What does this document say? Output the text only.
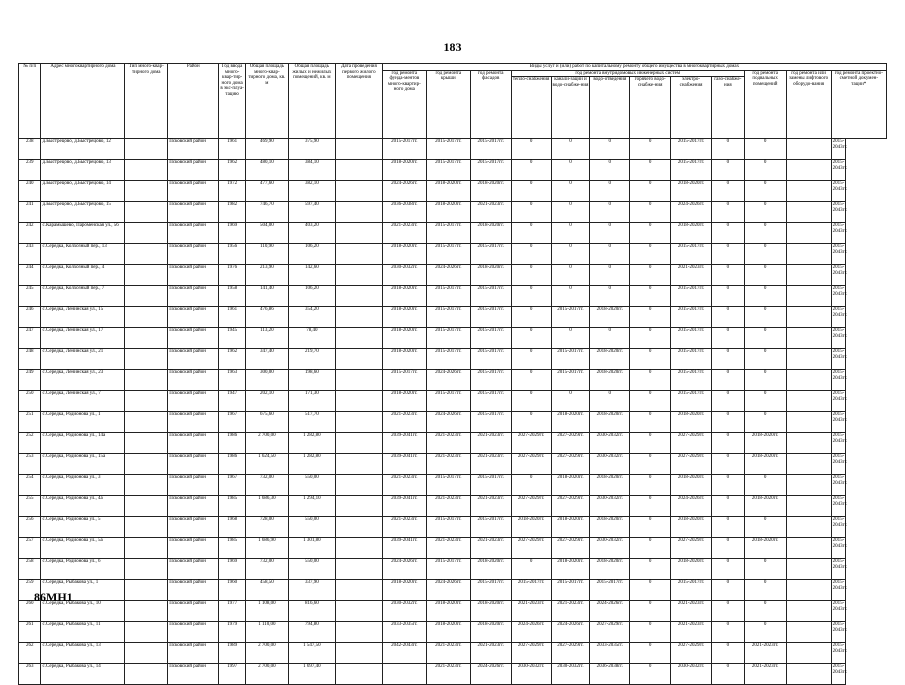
183
№ п/п	Адрес многоквартирного дома	Тип много-квар-тирного дома	Район	Год ввода много-квар-тир-ного дома в экс-плуа-тацию	Общая площадь много-квар-тирного дома, кв. м	Общая площадь жилых и нежилых помещений, кв. м	Дата проведения первого жилого помещения	Виды услуг и (или) работ по капитальному ремонту общего имущества в многоквартирных домах											
								год ремонта фунда-ментов много-квартир-ного дома	год ремонта крыши	год ремонта фасадов	год ремонта внутридомовых инженерных систем						год ремонта подвальных помещений	год ремонта или замены лифтового оборудо-вания	год ремонта проектно-сметной докумен-тации*
											тепло-снабжения	канали-зации и водо-снабже-ния	водо-отведения	горячего водо-снабже-ния	электро-снабжения	газо-снабже-ния			
238	д.Быстрецово, д.Быстрецово, 12		Псковский район	1961	469,90	375,90		2015-2017гг.	2015-2017гг.	2015-2017гг.	0	0	0	0	2015-2017гг.	0	0		2015-2043гг.
239	д.Быстрецово, д.Быстрецово, 13		Псковский район	1962	480,10	384,10		2018-2020гг.	2015-2017гг.	2015-2017гг.	0	0	0	0	2015-2017гг.	0	0		2015-2043гг.
240	д.Быстрецово, д.Быстрецово, 14		Псковский район	1972	477,60	382,10		2024-2026гг.	2018-2020гг.	2018-2020гг.	0	0	0	0	2018-2020гг.	0	0		2015-2043гг.
241	д.Быстрецово, д.Быстрецово, 15		Псковский район	1982	746,70	597,40		2036-2038гг.	2018-2020гг.	2021-2023гг.	0	0	0	0	2024-2026гг.	0	0		2015-2043гг.
242	с.Карамышево, Пароменская ул., 56		Псковский район	1969	504,00	403,20		2021-2023гг.	2015-2017гг.	2018-2020гг.	0	0	0	0	2018-2020гг.	0	0		2015-2043гг.
243	с.Середка, Колхозный пер., 13		Псковский район	1956	110,90	106,20		2018-2020гг.	2015-2017гг.	2015-2017гг.	0	0	0	0	2015-2017гг.	0	0		2015-2043гг.
244	с.Середка, Колхозный пер., 4		Псковский район	1976	213,90	142,60		2030-2032гг.	2024-2026гг.	2018-2020гг.	0	0	0	0	2021-2023гг.	0	0		2015-2043гг.
245	с.Середка, Колхозный пер., 7		Псковский район	1958	141,40	106,20		2018-2020гг.	2015-2017гг.	2015-2017гг.	0	0	0	0	2015-2017гг.	0	0		2015-2043гг.
246	с.Середка, Ленинская ул., 15		Псковский район	1961	476,86	354,20		2018-2020гг.	2015-2017гг.	2015-2017гг.	0	2015-2017гг.	2018-2020гг.	0	2015-2017гг.	0	0		2015-2043гг.
247	с.Середка, Ленинская ул., 17		Псковский район	1945	113,20	78,40		2018-2020гг.	2015-2017гг.	2015-2017гг.	0	0	0	0	2015-2017гг.	0	0		2015-2043гг.
248	с.Середка, Ленинская ул., 21		Псковский район	1962	347,40	219,70		2018-2020гг.	2015-2017гг.	2015-2017гг.	0	2015-2017гг.	2018-2020гг.	0	2015-2017гг.	0	0		2015-2043гг.
249	с.Середка, Ленинская ул., 23		Псковский район	1963	300,00	198,60		2015-2017гг.	2024-2026гг.	2015-2017гг.	0	2015-2017гг.	2018-2020гг.	0	2015-2017гг.	0	0		2015-2043гг.
250	с.Середка, Ленинская ул., 7		Псковский район	1947	202,10	171,30		2018-2020гг.	2015-2017гг.	2015-2017гг.	0	0	0	0	2015-2017гг.	0	0		2015-2043гг.
251	с.Середка, Родионова ул., 1		Псковский район	1967	675,60	517,70		2021-2023гг.	2024-2026гг.	2015-2017гг.	0	2018-2020гг.	2018-2020гг.	0	2018-2020гг.	0	0		2015-2043гг.
252	с.Середка, Родионова ул., 14а		Псковский район	1986	2 700,00	1 282,80		2039-2041гг.	2021-2023гг.	2021-2023гг.	2027-2029гг.	2027-2029гг.	2030-2032гг.	0	2027-2029гг.	0	2018-2020гг.		2015-2043гг.
253	с.Середка, Родионова ул., 15а		Псковский район	1986	1 624,50	1 282,80		2039-2041гг.	2021-2023гг.	2021-2023гг.	2027-2029гг.	2027-2029гг.	2030-2032гг.	0	2027-2029гг.	0	2018-2020гг.		2015-2043гг.
254	с.Середка, Родионова ул., 3		Псковский район	1967	732,00	550,00		2021-2023гг.	2015-2017гг.	2015-2017гг.	0	2018-2020гг.	2018-2020гг.	0	2018-2020гг.	0	0		2015-2043гг.
255	с.Середка, Родионова ул., 4а		Псковский район	1985	1 686,30	1 294,10		2039-2041гг.	2021-2023гг.	2021-2023гг.	2027-2029гг.	2027-2029гг.	2030-2032гг.	0	2024-2026гг.	0	2018-2020гг.		2015-2043гг.
256	с.Середка, Родионова ул., 5		Псковский район	1968	728,00	550,00		2021-2023гг.	2015-2017гг.	2015-2017гг.	2018-2020гг.	2018-2020гг.	2018-2020гг.	0	2018-2020гг.	0	0		2015-2043гг.
257	с.Середка, Родионова ул., 5а		Псковский район	1985	1 686,90	1 301,80		2039-2041гг.	2021-2023гг.	2021-2023гг.	2027-2029гг.	2027-2029гг.	2030-2032гг.	0	2027-2029гг.	0	2018-2020гг.		2015-2043гг.
258	с.Середка, Родионова ул., 6		Псковский район	1969	732,00	550,00		2024-2026гг.	2015-2017гг.	2018-2020гг.	0	2018-2020гг.	2018-2020гг.	0	2018-2020гг.	0	0		2015-2043гг.
259	с.Середка, Рыбакова ул., 1		Псковский район	1960	458,50	337,90		2018-2020гг.	2024-2026гг.	2015-2017гг.	2015-2017гг.	2015-2017гг.	2015-2017гг.	0	2015-2017гг.	0	0		2015-2043гг.
260	с.Середка, Рыбакова ул., 10		Псковский район	1977	1 108,00	816,60		2030-2032гг.	2018-2020гг.	2018-2020гг.	2021-2023гг.	2021-2023гг.	2024-2026гг.	0	2021-2023гг.	0	0		2015-2043гг.
261	с.Середка, Рыбакова ул., 11		Псковский район	1979	1 110,00	794,80		2033-2035гг.	2018-2020гг.	2018-2020гг.	2024-2026гг.	2024-2026гг.	2027-2029гг.	0	2021-2023гг.	0	0		2015-2043гг.
262	с.Середка, Рыбакова ул., 13		Псковский район	1989	2 700,00	1 547,50		2042-2043гг.	2021-2023гг.	2021-2023гг.	2027-2029гг.	2027-2029гг.	2033-2035гг.	0	2027-2029гг.	0	2021-2023гг.		2015-2043гг.
263	с.Середка, Рыбакова ул., 14		Псковский район	1997	2 700,00	1 697,40			2021-2023гг.	2024-2026гг.	2030-2032гг.	2030-2032гг.	2036-2038гг.	0	2030-2032гг.	0	2021-2023гг.		2015-2043гг.
86МН1
